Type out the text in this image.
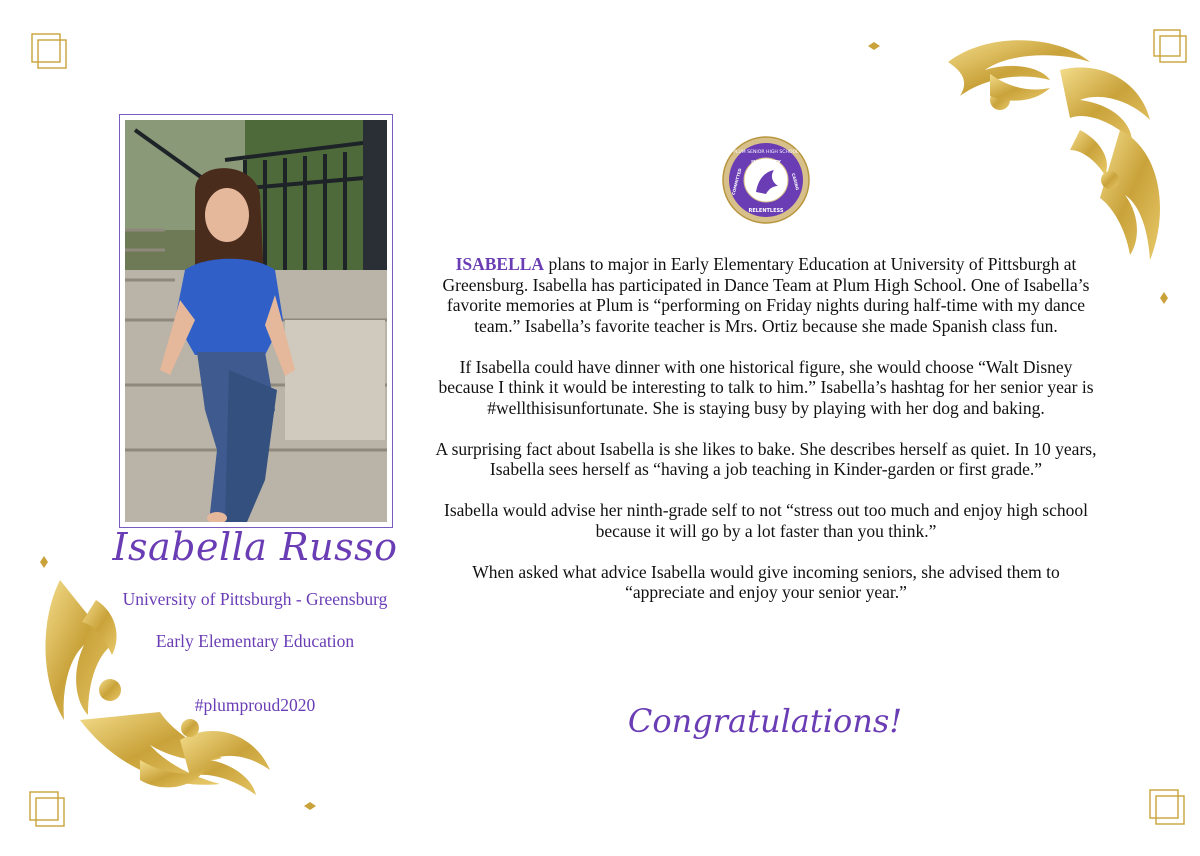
Isabella Russo
University of Pittsburgh - Greensburg
Early Elementary Education
#plumproud2020
PLUM SENIOR HIGH SCHOOL
INTEGRITY
COMMITTED	CARING
RELENTLESS

ISABELLA plans to major in Early Elementary Education at University of Pittsburgh at Greensburg. Isabella has participated in Dance Team at Plum High School. One of Isabella’s favorite memories at Plum is “performing on Friday nights during half-time with my dance team.” Isabella’s favorite teacher is Mrs. Ortiz because she made Spanish class fun.

If Isabella could have dinner with one historical figure, she would choose “Walt Disney because I think it would be interesting to talk to him.” Isabella’s hashtag for her senior year is #wellthisisunfortunate. She is staying busy by playing with her dog and baking.

A surprising fact about Isabella is she likes to bake. She describes herself as quiet. In 10 years, Isabella sees herself as “having a job teaching in Kinder-garden or first grade.”

Isabella would advise her ninth-grade self to not “stress out too much and enjoy high school because it will go by a lot faster than you think.”

When asked what advice Isabella would give incoming seniors, she advised them to “appreciate and enjoy your senior year.”

Congratulations!
